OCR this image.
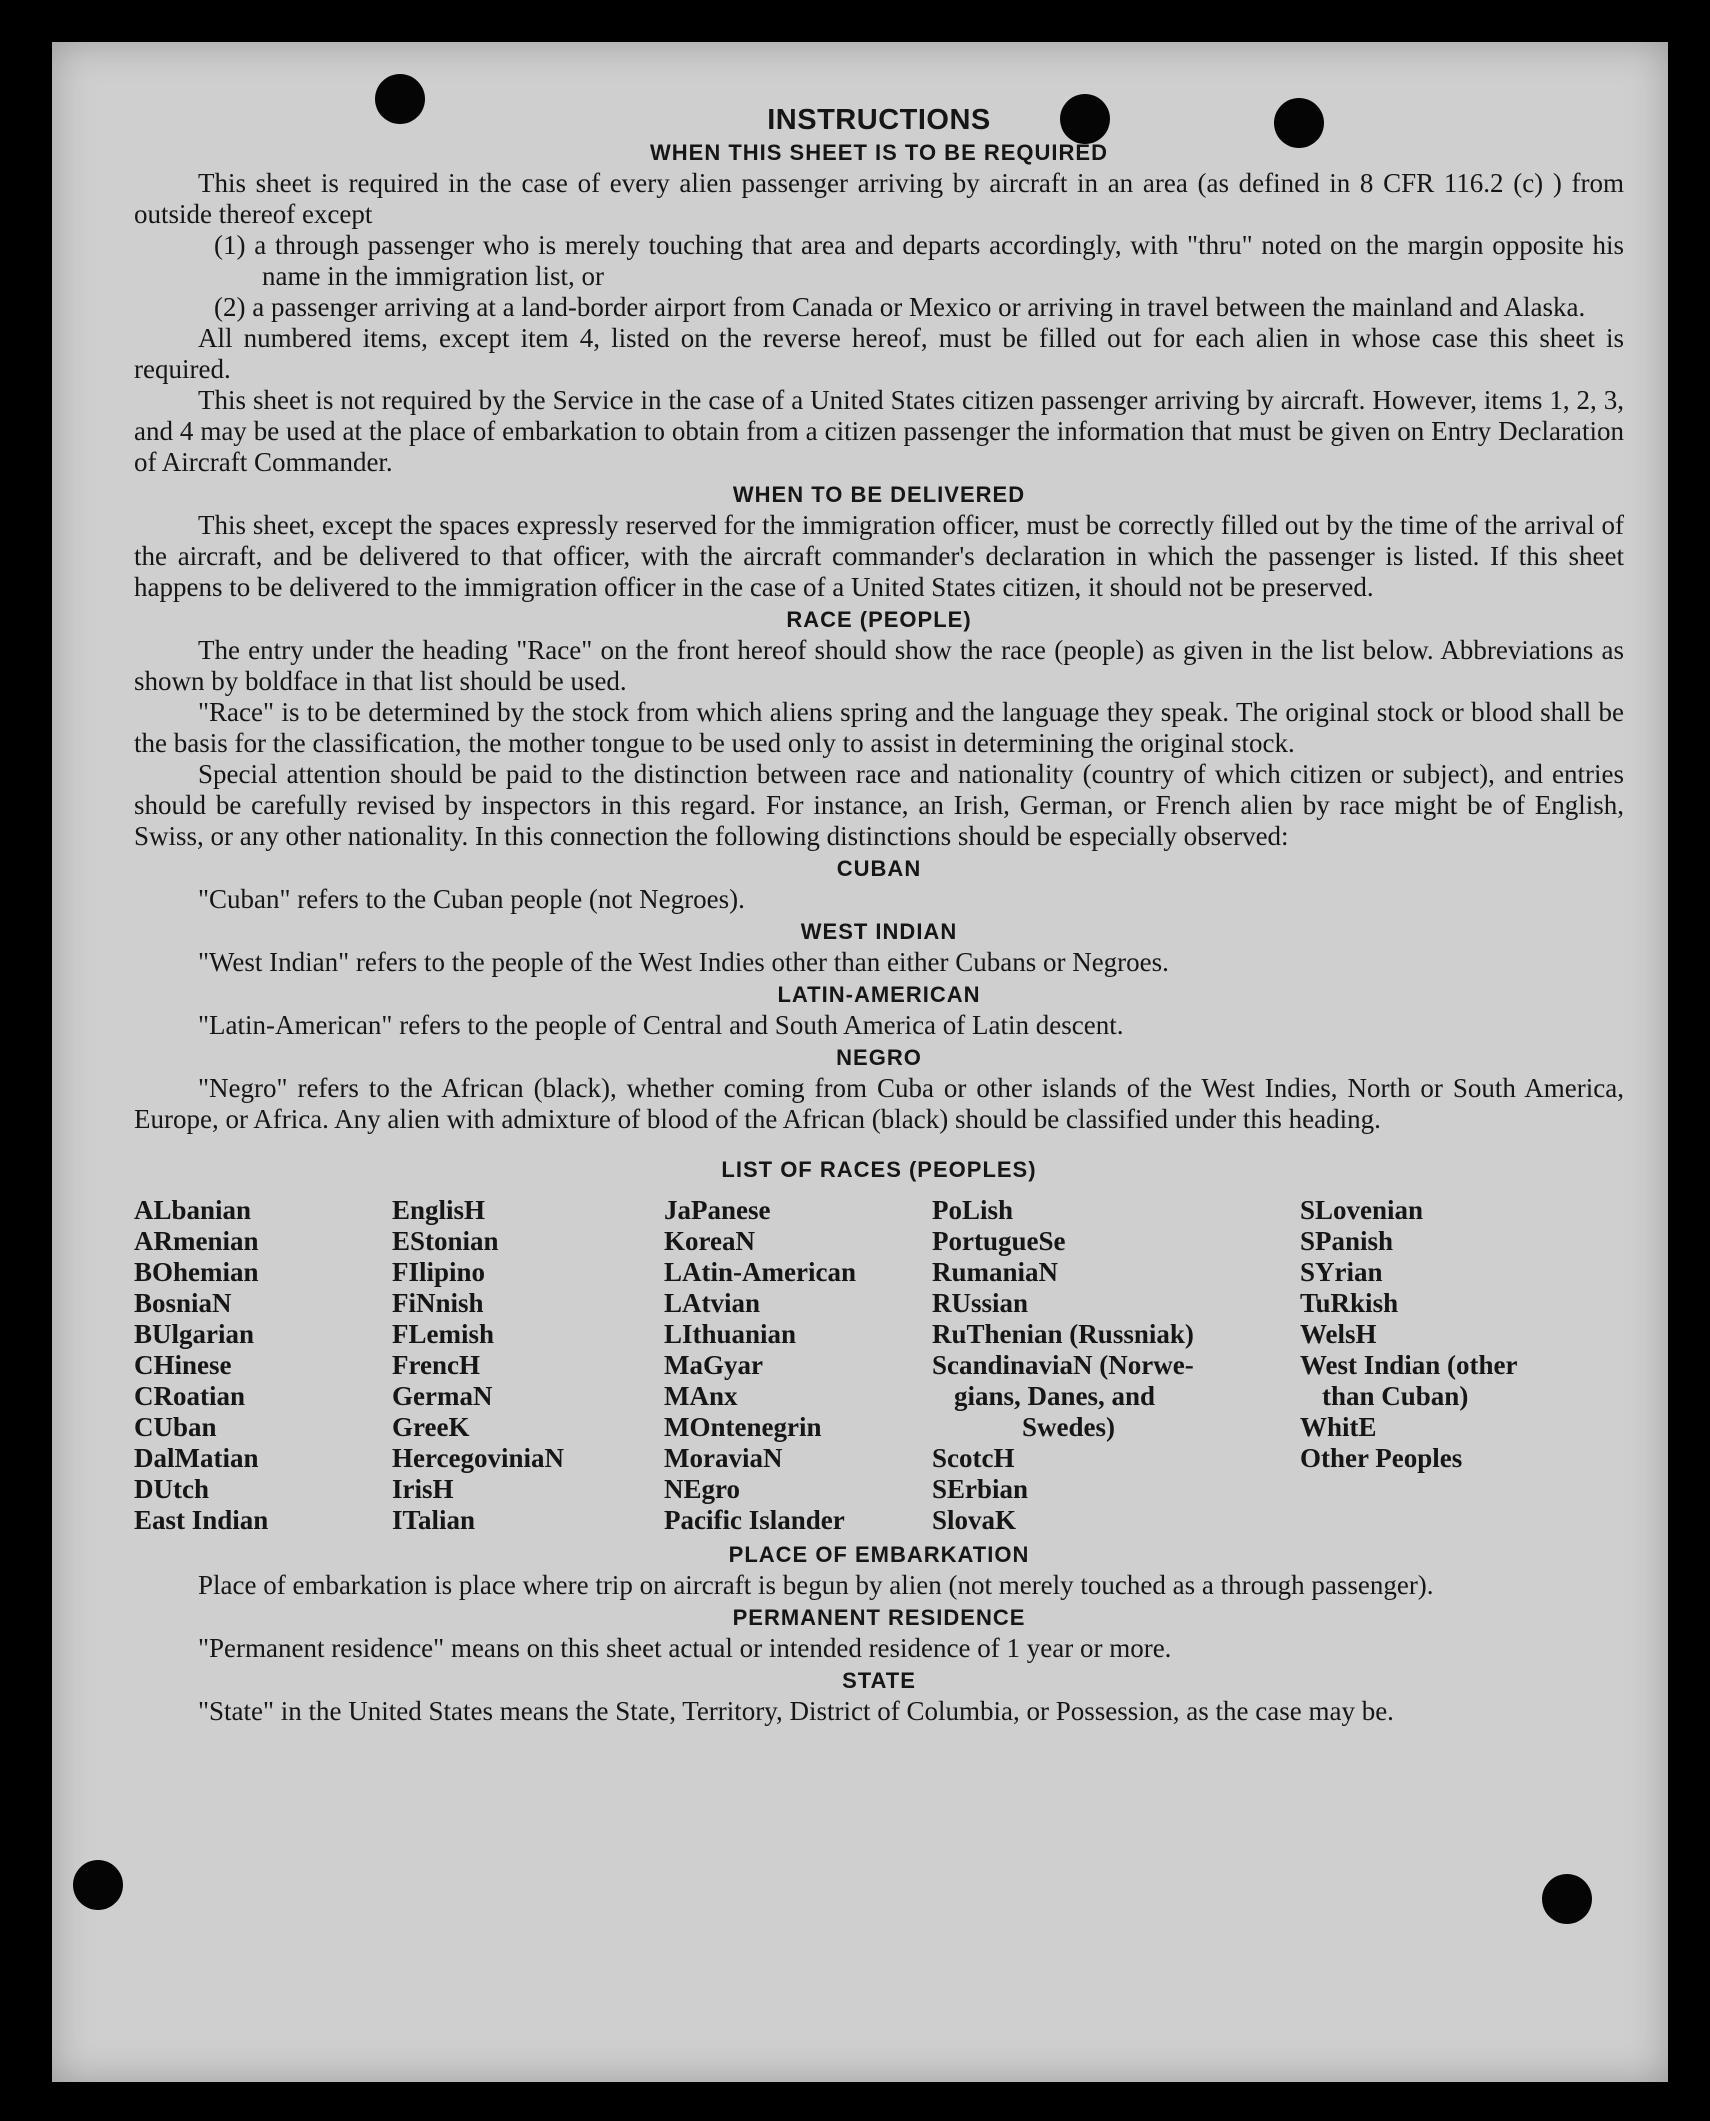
INSTRUCTIONS
WHEN THIS SHEET IS TO BE REQUIRED

This sheet is required in the case of every alien passenger arriving by aircraft in an area (as defined in 8 CFR 116.2 (c) ) from outside thereof except

(1) a through passenger who is merely touching that area and departs accordingly, with "thru" noted on the margin opposite his name in the immigration list, or
(2) a passenger arriving at a land-border airport from Canada or Mexico or arriving in travel between the mainland and Alaska.

All numbered items, except item 4, listed on the reverse hereof, must be filled out for each alien in whose case this sheet is required.

This sheet is not required by the Service in the case of a United States citizen passenger arriving by aircraft. However, items 1, 2, 3, and 4 may be used at the place of embarkation to obtain from a citizen passenger the information that must be given on Entry Declaration of Aircraft Commander.

WHEN TO BE DELIVERED

This sheet, except the spaces expressly reserved for the immigration officer, must be correctly filled out by the time of the arrival of the aircraft, and be delivered to that officer, with the aircraft commander's declaration in which the passenger is listed. If this sheet happens to be delivered to the immigration officer in the case of a United States citizen, it should not be preserved.

RACE (PEOPLE)

The entry under the heading "Race" on the front hereof should show the race (people) as given in the list below. Abbreviations as shown by boldface in that list should be used.

"Race" is to be determined by the stock from which aliens spring and the language they speak. The original stock or blood shall be the basis for the classification, the mother tongue to be used only to assist in determining the original stock.

Special attention should be paid to the distinction between race and nationality (country of which citizen or subject), and entries should be carefully revised by inspectors in this regard. For instance, an Irish, German, or French alien by race might be of English, Swiss, or any other nationality. In this connection the following distinctions should be especially observed:

CUBAN

"Cuban" refers to the Cuban people (not Negroes).

WEST INDIAN

"West Indian" refers to the people of the West Indies other than either Cubans or Negroes.

LATIN-AMERICAN

"Latin-American" refers to the people of Central and South America of Latin descent.

NEGRO

"Negro" refers to the African (black), whether coming from Cuba or other islands of the West Indies, North or South America, Europe, or Africa. Any alien with admixture of blood of the African (black) should be classified under this heading.

LIST OF RACES (PEOPLES)
ALbanian
ARmenian
BOhemian
BosniaN
BUlgarian
CHinese
CRoatian
CUban
DalMatian
DUtch
East Indian
EnglisH
EStonian
FIlipino
FiNnish
FLemish
FrencH
GermaN
GreeK
HercegoviniaN
IrisH
ITalian
JaPanese
KoreaN
LAtin-American
LAtvian
LIthuanian
MaGyar
MAnx
MOntenegrin
MoraviaN
NEgro
Pacific Islander
PoLish
PortugueSe
RumaniaN
RUssian
RuThenian (Russniak)
ScandinaviaN (Norwe-
gians, Danes, and
Swedes)
ScotcH
SErbian
SlovaK
SLovenian
SPanish
SYrian
TuRkish
WelsH
West Indian (other
than Cuban)
WhitE
Other Peoples
PLACE OF EMBARKATION

Place of embarkation is place where trip on aircraft is begun by alien (not merely touched as a through passenger).

PERMANENT RESIDENCE

"Permanent residence" means on this sheet actual or intended residence of 1 year or more.

STATE

"State" in the United States means the State, Territory, District of Columbia, or Possession, as the case may be.
